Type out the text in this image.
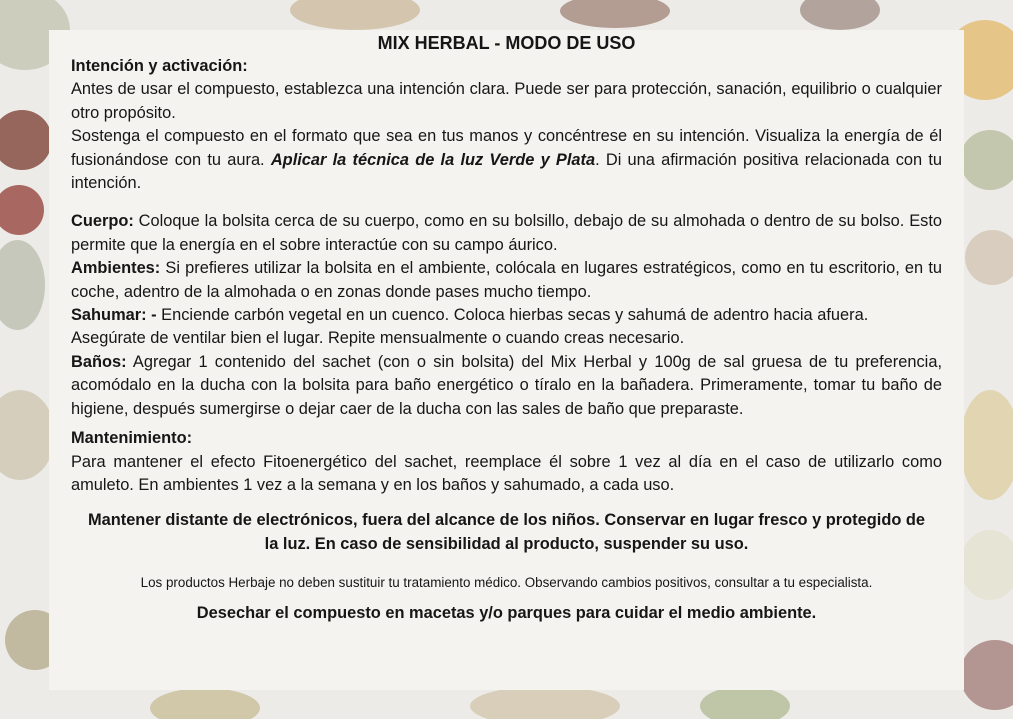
MIX HERBAL - MODO DE USO
Intención y activación:

Antes de usar el compuesto, establezca una intención clara. Puede ser para protección, sanación, equilibrio o cualquier otro propósito.

Sostenga el compuesto en el formato que sea en tus manos y concéntrese en su intención. Visualiza la energía de él fusionándose con tu aura. Aplicar la técnica de la luz Verde y Plata. Di una afirmación positiva relacionada con tu intención.

Cuerpo: Coloque la bolsita cerca de su cuerpo, como en su bolsillo, debajo de su almohada o dentro de su bolso. Esto permite que la energía en el sobre interactúe con su campo áurico.

Ambientes: Si prefieres utilizar la bolsita en el ambiente, colócala en lugares estratégicos, como en tu escritorio, en tu coche, adentro de la almohada o en zonas donde pases mucho tiempo.

Sahumar: - Enciende carbón vegetal en un cuenco. Coloca hierbas secas y sahumá de adentro hacia afuera. Asegúrate de ventilar bien el lugar. Repite mensualmente o cuando creas necesario.

Baños: Agregar 1 contenido del sachet (con o sin bolsita) del Mix Herbal y 100g de sal gruesa de tu preferencia, acomódalo en la ducha con la bolsita para baño energético o tíralo en la bañadera. Primeramente, tomar tu baño de higiene, después sumergirse o dejar caer de la ducha con las sales de baño que preparaste.

Mantenimiento:

Para mantener el efecto Fitoenergético del sachet, reemplace él sobre 1 vez al día en el caso de utilizarlo como amuleto. En ambientes 1 vez a la semana y en los baños y sahumado, a cada uso.

Mantener distante de electrónicos, fuera del alcance de los niños. Conservar en lugar fresco y protegido de la luz. En caso de sensibilidad al producto, suspender su uso.

Los productos Herbaje no deben sustituir tu tratamiento médico. Observando cambios positivos, consultar a tu especialista.

Desechar el compuesto en macetas y/o parques para cuidar el medio ambiente.
